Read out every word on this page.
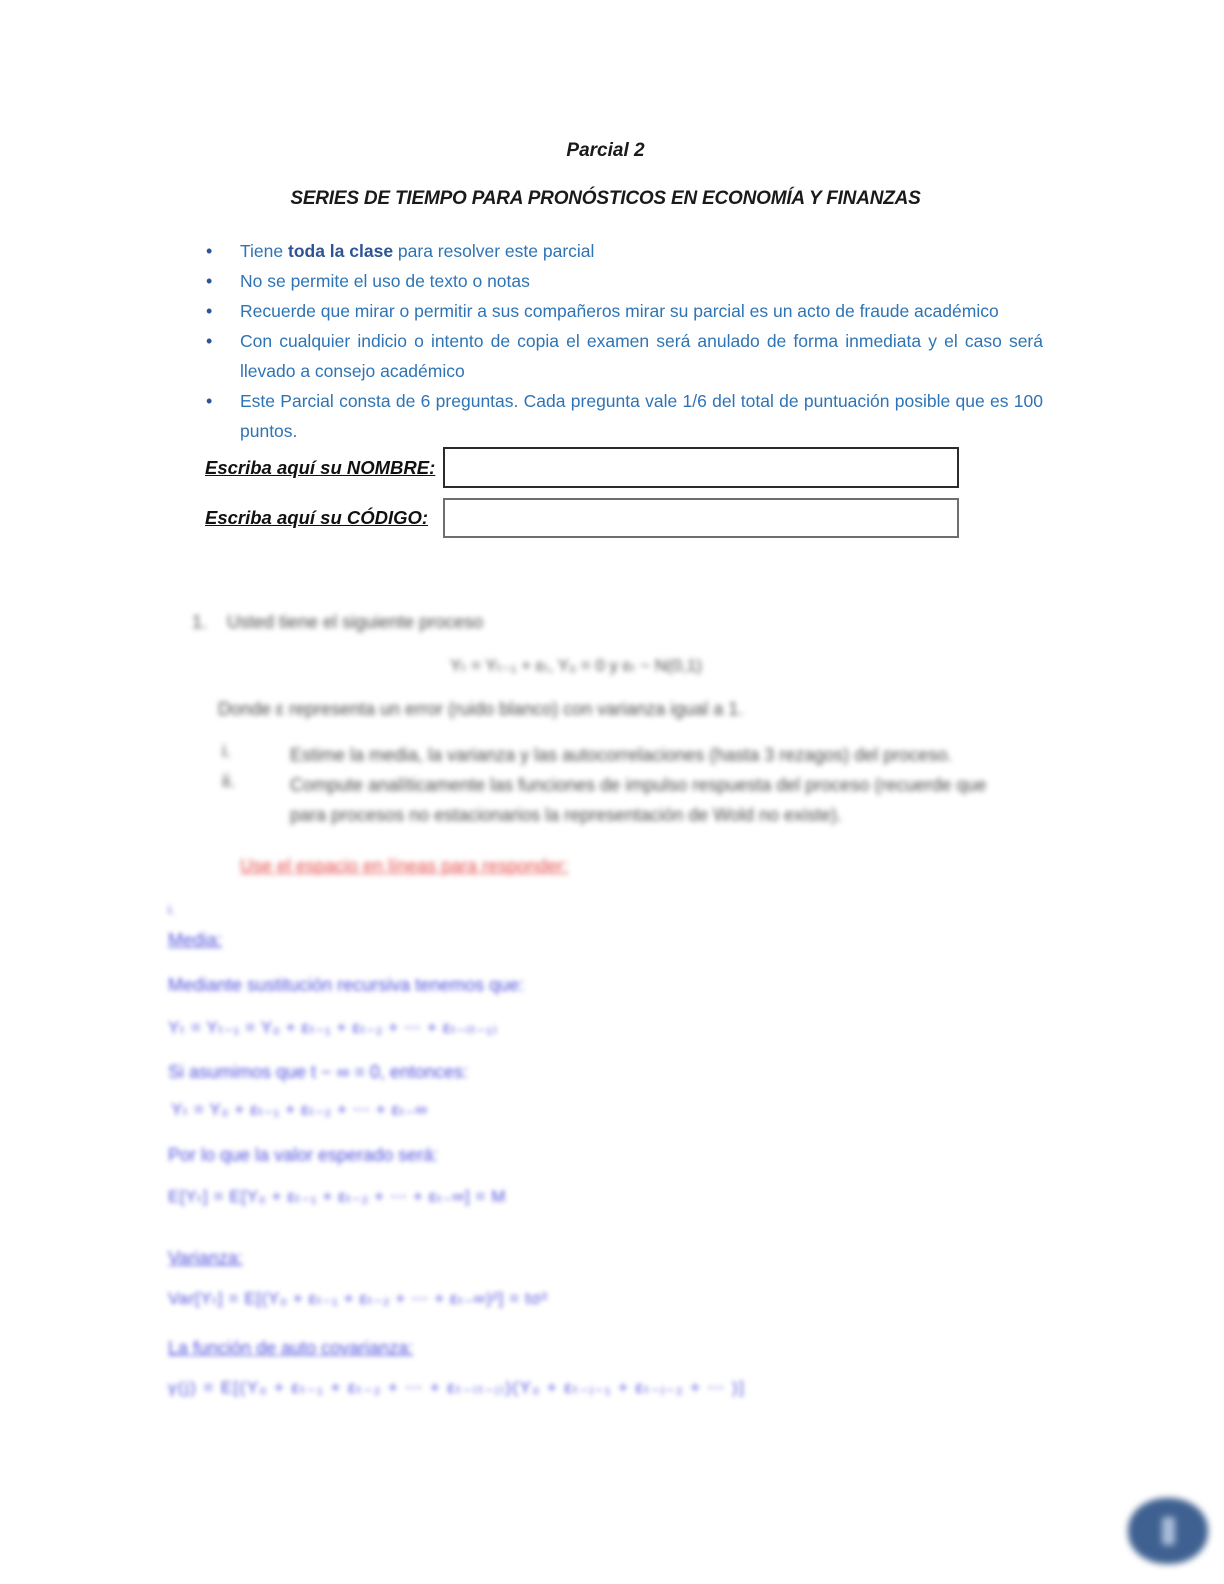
Parcial 2
SERIES DE TIEMPO PARA PRONÓSTICOS EN ECONOMÍA Y FINANZAS
• Tiene toda la clase para resolver este parcial
• No se permite el uso de texto o notas
• Recuerde que mirar o permitir a sus compañeros mirar su parcial es un acto de fraude académico
• Con cualquier indicio o intento de copia el examen será anulado de forma inmediata y el caso será llevado a consejo académico
• Este Parcial consta de 6 preguntas. Cada pregunta vale 1/6 del total de puntuación posible que es 100 puntos.
Escriba aquí su NOMBRE:
Escriba aquí su CÓDIGO:
1. Usted tiene el siguiente proceso
Yₜ = Yₜ₋₁ + εₜ, Y₀ = 0 y εₜ ~ N(0,1)
Donde ε representa un error (ruido blanco) con varianza igual a 1.
i.	Estime la media, la varianza y las autocorrelaciones (hasta 3 rezagos) del proceso.
ii.	Compute analíticamente las funciones de impulso respuesta del proceso (recuerde que para procesos no estacionarios la representación de Wold no existe).
Use el espacio en líneas para responder:
i.
Media:
Mediante sustitución recursiva tenemos que:
Yₜ = Yₜ₋₁ = Y₀ + εₜ₋₁ + εₜ₋₂ + ⋯ + εₜ₋₍ₜ₋₁₎
Si asumimos que t − ∞ = 0, entonces:
Yₜ = Y₀ + εₜ₋₁ + εₜ₋₂ + ⋯ + εₜ₋∞
Por lo que la valor esperado será:
E[Yₜ] = E[Y₀ + εₜ₋₁ + εₜ₋₂ + ⋯ + εₜ₋∞] = M
Varianza:
Var[Yₜ] = E[(Y₀ + εₜ₋₁ + εₜ₋₂ + ⋯ + εₜ₋∞)²] = tσ²
La función de auto covarianza:
γ(j) = E[(Y₀ + εₜ₋₁ + εₜ₋₂ + ⋯ + εₜ₋₍ₜ₋ⱼ₎)(Y₀ + εₜ₋ⱼ₋₁ + εₜ₋ⱼ₋₂ + ⋯ )]
